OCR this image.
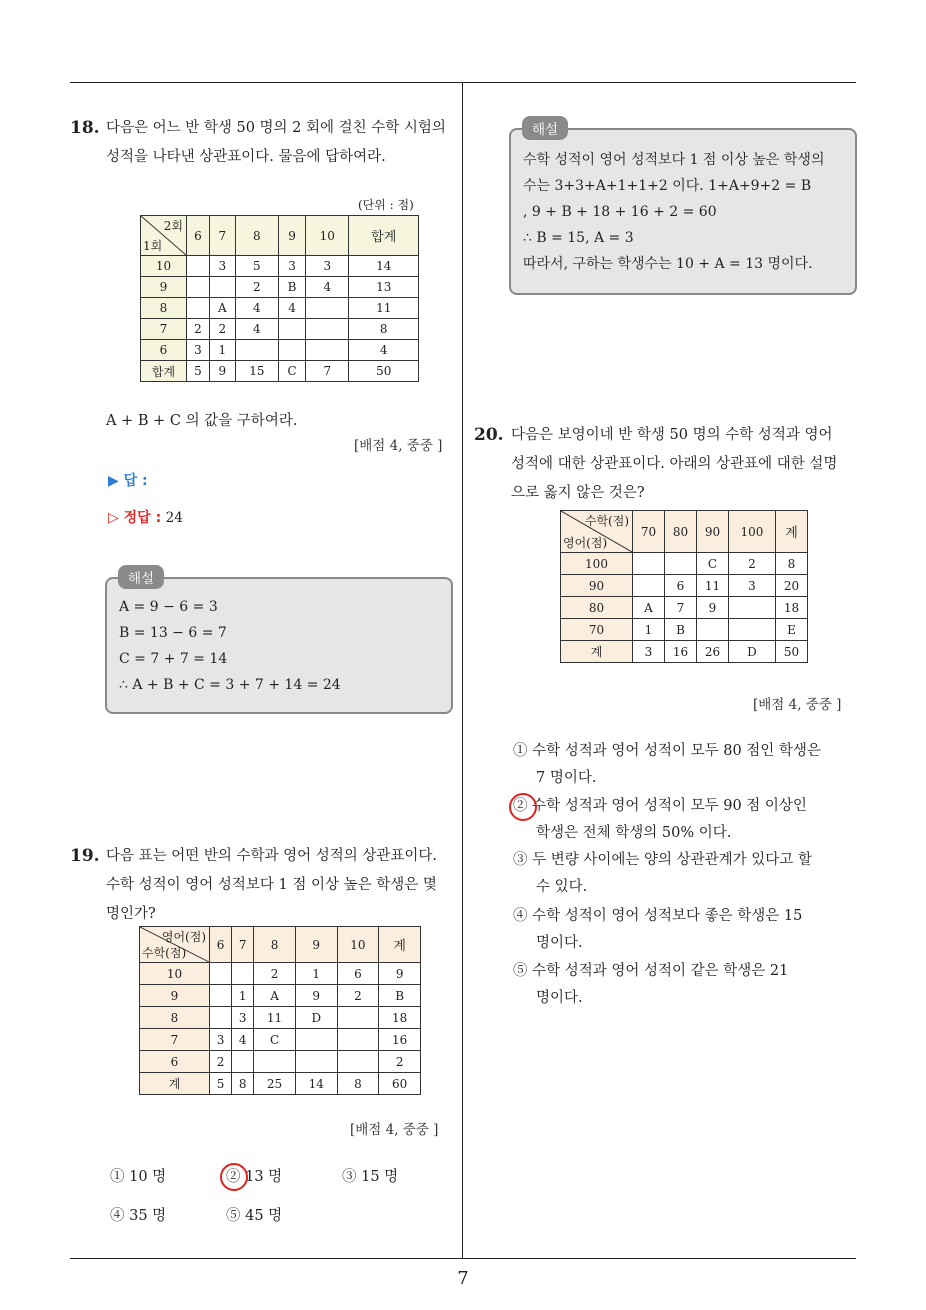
7
18. 다음은 어느 반 학생 50 명의 2 회에 걸친 수학 시험의
성적을 나타낸 상관표이다. 물음에 답하여라.
(단위 : 점)
2회
1회	6	7	8	9	10	합계
10		3	5	3	3	14
9			2	B	4	13
8		A	4	4		11
7	2	2	4			8
6	3	1				4
합계	5	9	15	C	7	50
A + B + C 의 값을 구하여라.
[배점 4, 중중 ]
▶ 답 :
▷ 정답 : 24
A = 9 − 6 = 3
B = 13 − 6 = 7
C = 7 + 7 = 14
∴ A + B + C = 3 + 7 + 14 = 24
해설
19. 다음 표는 어떤 반의 수학과 영어 성적의 상관표이다.
수학 성적이 영어 성적보다 1 점 이상 높은 학생은 몇
명인가?
영어(점)
수학(점)	6	7	8	9	10	계
10			2	1	6	9
9		1	A	9	2	B
8		3	11	D		18
7	3	4	C			16
6	2					2
계	5	8	25	14	8	60
[배점 4, 중중 ]
① 10 명	② 13 명	③ 15 명
④ 35 명	⑤ 45 명
수학 성적이 영어 성적보다 1 점 이상 높은 학생의
수는 3+3+A+1+1+2 이다. 1+A+9+2 = B
, 9 + B + 18 + 16 + 2 = 60
∴ B = 15, A = 3
따라서, 구하는 학생수는 10 + A = 13 명이다.
해설
20. 다음은 보영이네 반 학생 50 명의 수학 성적과 영어
성적에 대한 상관표이다. 아래의 상관표에 대한 설명
으로 옳지 않은 것은?
수학(점)
영어(점)	70	80	90	100	계
100			C	2	8
90		6	11	3	20
80	A	7	9		18
70	1	B			E
계	3	16	26	D	50
[배점 4, 중중 ]
① 수학 성적과 영어 성적이 모두 80 점인 학생은
7 명이다.
② 수학 성적과 영어 성적이 모두 90 점 이상인
학생은 전체 학생의 50% 이다.
③ 두 변량 사이에는 양의 상관관계가 있다고 할
수 있다.
④ 수학 성적이 영어 성적보다 좋은 학생은 15
명이다.
⑤ 수학 성적과 영어 성적이 같은 학생은 21
명이다.
